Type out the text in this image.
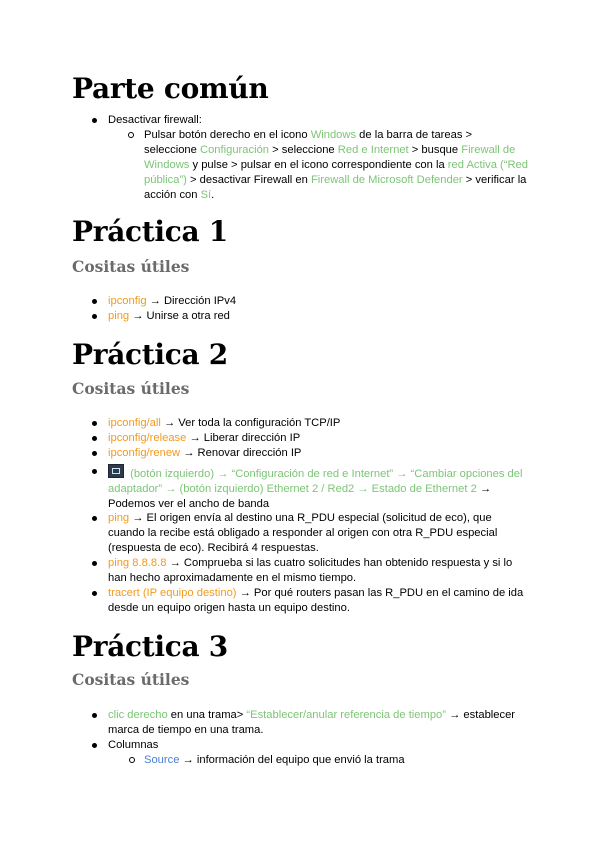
Parte común
Desactivar firewall:
Pulsar botón derecho en el icono Windows de la barra de tareas > seleccione Configuración > seleccione Red e Internet > busque Firewall de Windows y pulse > pulsar en el icono correspondiente con la red Activa (“Red pública”) > desactivar Firewall en Firewall de Microsoft Defender > verificar la acción con Sí.
Práctica 1
Cositas útiles
ipconfig → Dirección IPv4
ping → Unirse a otra red
Práctica 2
Cositas útiles
ipconfig/all → Ver toda la configuración TCP/IP
ipconfig/release → Liberar dirección IP
ipconfig/renew → Renovar dirección IP
(botón izquierdo) → “Configuración de red e Internet” → “Cambiar opciones del adaptador” → (botón izquierdo) Ethernet 2 / Red2 → Estado de Ethernet 2 → Podemos ver el ancho de banda
ping → El origen envía al destino una R_PDU especial (solicitud de eco), que cuando la recibe está obligado a responder al origen con otra R_PDU especial (respuesta de eco). Recibirá 4 respuestas.
ping 8.8.8.8 → Comprueba si las cuatro solicitudes han obtenido respuesta y si lo han hecho aproximadamente en el mismo tiempo.
tracert (IP equipo destino) → Por qué routers pasan las R_PDU en el camino de ida desde un equipo origen hasta un equipo destino.
Práctica 3
Cositas útiles
clic derecho en una trama> “Establecer/anular referencia de tiempo” → establecer marca de tiempo en una trama.
Columnas
Source → información del equipo que envió la trama
